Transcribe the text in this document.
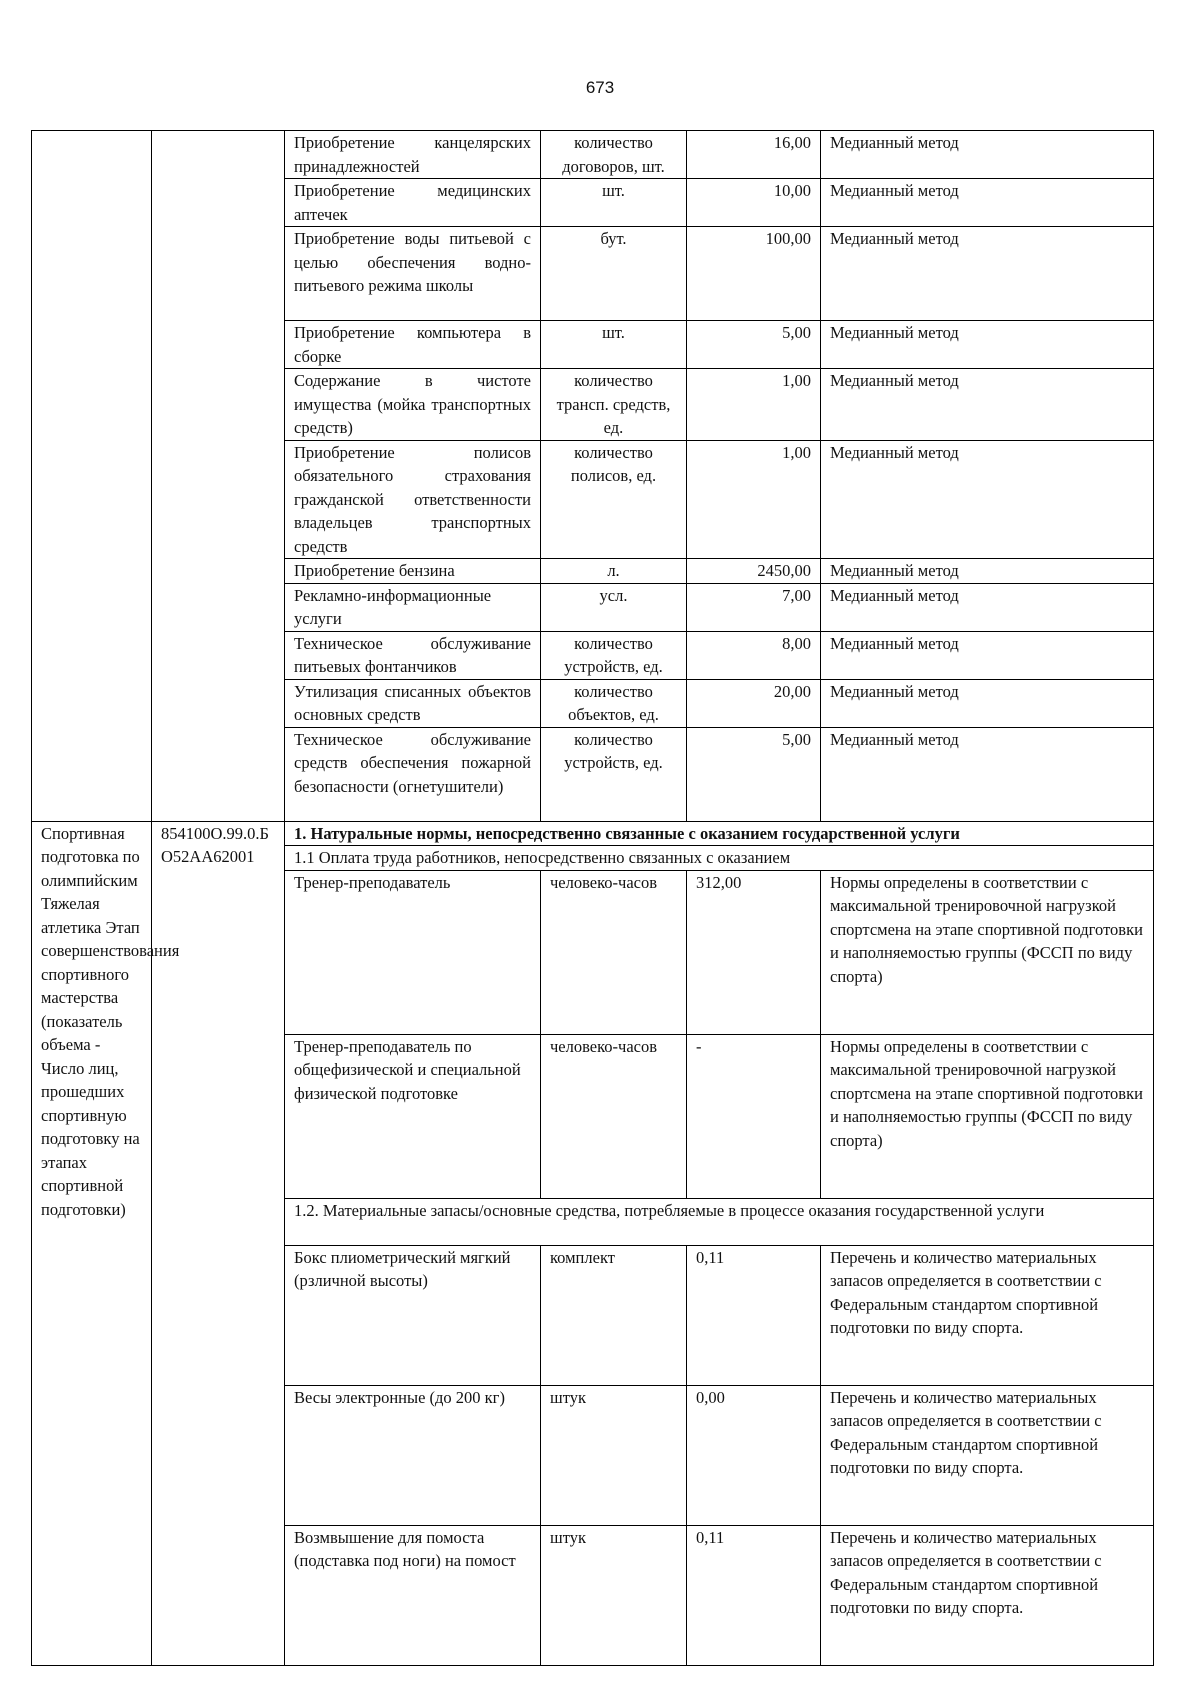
673
		Приобретение канцелярских принадлежностей	количество договоров, шт.	16,00	Медианный метод
		Приобретение медицинских аптечек	шт.	10,00	Медианный метод
		Приобретение воды питьевой с целью обеспечения водно-питьевого режима школы	бут.	100,00	Медианный метод
		Приобретение компьютера в сборке	шт.	5,00	Медианный метод
		Содержание в чистоте имущества (мойка транспортных средств)	количество трансп. средств, ед.	1,00	Медианный метод
		Приобретение полисов обязательного страхования гражданской ответственности владельцев транспортных средств	количество полисов, ед.	1,00	Медианный метод
		Приобретение бензина	л.	2450,00	Медианный метод
		Рекламно-информационные услуги	усл.	7,00	Медианный метод
		Техническое обслуживание питьевых фонтанчиков	количество устройств, ед.	8,00	Медианный метод
		Утилизация списанных объектов основных средств	количество объектов, ед.	20,00	Медианный метод
		Техническое обслуживание средств обеспечения пожарной безопасности (огнетушители)	количество устройств, ед.	5,00	Медианный метод
Спортивная подготовка по олимпийским Тяжелая атлетика Этап совершенствования спортивного мастерства (показатель объема - Число лиц, прошедших спортивную подготовку на этапах спортивной подготовки)	854100О.99.0.БО52АА62001	1. Натуральные нормы, непосредственно связанные с оказанием государственной услуги			
		1.1 Оплата труда работников, непосредственно связанных с оказанием			
		Тренер-преподаватель	человеко-часов	312,00	Нормы определены в соответствии с максимальной тренировочной нагрузкой спортсмена на этапе спортивной подготовки и наполняемостью группы (ФССП по виду спорта)
		Тренер-преподаватель по общефизической и специальной физической подготовке	человеко-часов	-	Нормы определены в соответствии с максимальной тренировочной нагрузкой спортсмена на этапе спортивной подготовки и наполняемостью группы (ФССП по виду спорта)
		1.2. Материальные запасы/основные средства, потребляемые в процессе оказания государственной услуги			
		Бокс плиометрический мягкий (рзличной высоты)	комплект	0,11	Перечень и количество материальных запасов определяется в соответствии с Федеральным стандартом спортивной подготовки по виду спорта.
		Весы электронные (до 200 кг)	штук	0,00	Перечень и количество материальных запасов определяется в соответствии с Федеральным стандартом спортивной подготовки по виду спорта.
		Возмвышение для помоста (подставка под ноги) на помост	штук	0,11	Перечень и количество материальных запасов определяется в соответствии с Федеральным стандартом спортивной подготовки по виду спорта.
